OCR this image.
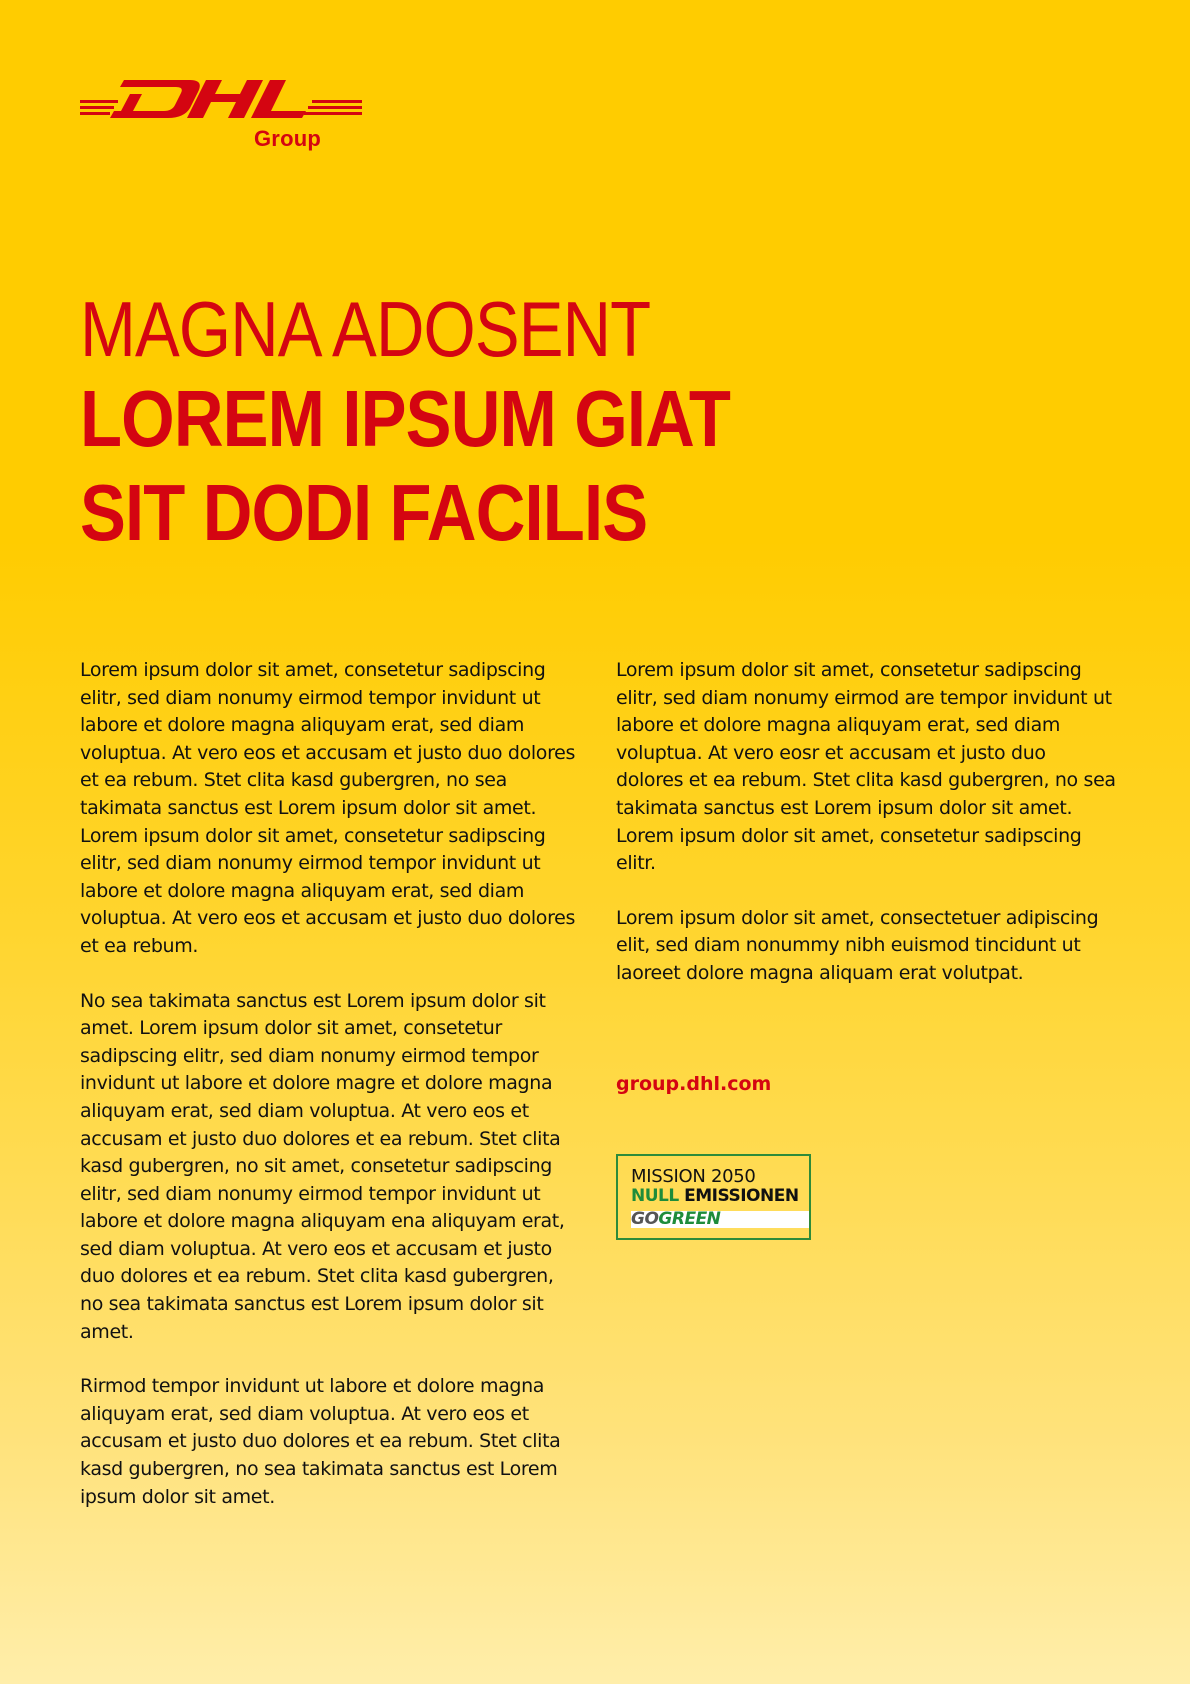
Group
MAGNA ADOSENT
LOREM IPSUM GIAT
SIT DODI FACILIS

Lorem ipsum dolor sit amet, consetetur sadipscing elitr, sed diam nonumy eirmod tempor invidunt ut labore et dolore magna aliquyam erat, sed diam voluptua. At vero eos et accusam et justo duo dolores et ea rebum. Stet clita kasd gubergren, no sea takimata sanctus est Lorem ipsum dolor sit amet. Lorem ipsum dolor sit amet, consetetur sadipscing elitr, sed diam nonumy eirmod tempor invidunt ut labore et dolore magna aliquyam erat, sed diam voluptua. At vero eos et accusam et justo duo dolores et ea rebum.

No sea takimata sanctus est Lorem ipsum dolor sit amet. Lorem ipsum dolor sit amet, consetetur sadipscing elitr, sed diam nonumy eirmod tempor invidunt ut labore et dolore magre et dolore magna aliquyam erat, sed diam voluptua. At vero eos et accusam et justo duo dolores et ea rebum. Stet clita kasd gubergren, no sit amet, consetetur sadipscing elitr, sed diam nonumy eirmod tempor invidunt ut labore et dolore magna aliquyam ena aliquyam erat, sed diam voluptua. At vero eos et accusam et justo duo dolores et ea rebum. Stet clita kasd gubergren, no sea takimata sanctus est Lorem ipsum dolor sit amet.

Rirmod tempor invidunt ut labore et dolore magna aliquyam erat, sed diam voluptua. At vero eos et accusam et justo duo dolores et ea rebum. Stet clita kasd gubergren, no sea takimata sanctus est Lorem ipsum dolor sit amet.

Lorem ipsum dolor sit amet, consetetur sadipscing elitr, sed diam nonumy eirmod are tempor invidunt ut labore et dolore magna aliquyam erat, sed diam voluptua. At vero eosr et accusam et justo duo dolores et ea rebum. Stet clita kasd gubergren, no sea takimata sanctus est Lorem ipsum dolor sit amet. Lorem ipsum dolor sit amet, consetetur sadipscing elitr.

Lorem ipsum dolor sit amet, consectetuer adipiscing elit, sed diam nonummy nibh euismod tincidunt ut laoreet dolore magna aliquam erat volutpat.

group.dhl.com
MISSION 2050
NULL EMISSIONEN
GOGREEN
